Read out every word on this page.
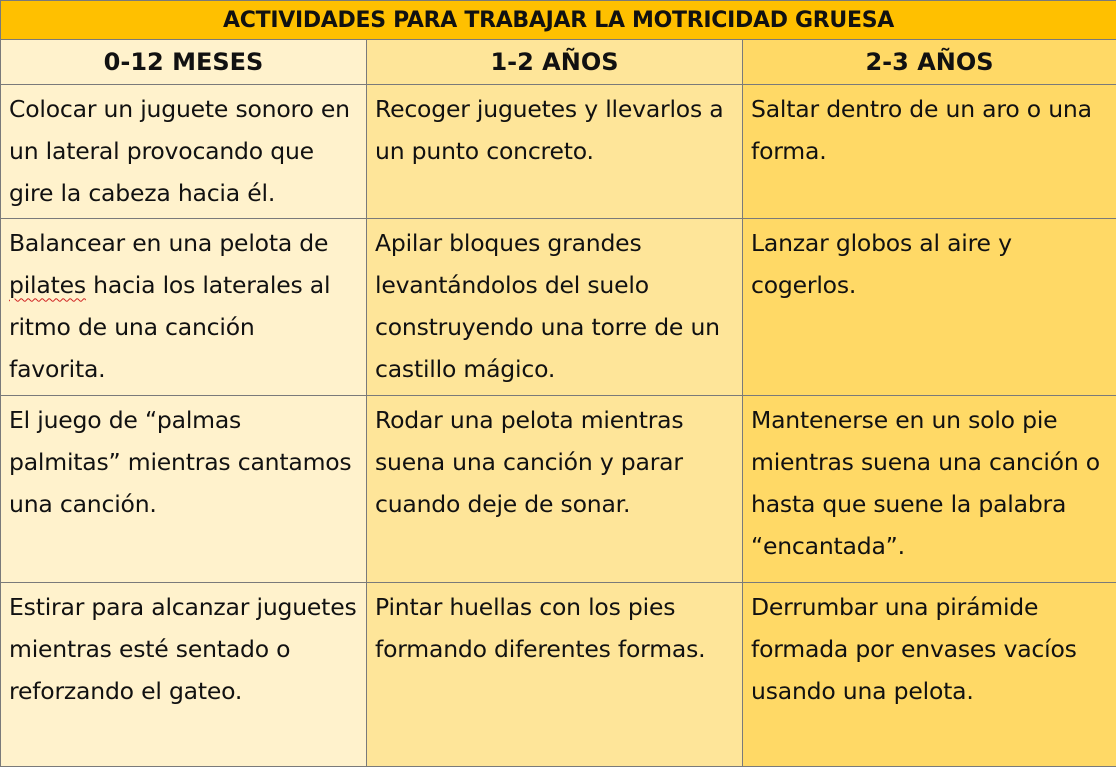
ACTIVIDADES PARA TRABAJAR LA MOTRICIDAD GRUESA		
0-12 MESES	1-2 AÑOS	2-3 AÑOS
Colocar un juguete sonoro en un lateral provocando que gire la cabeza hacia él.	Recoger juguetes y llevarlos a un punto concreto.	Saltar dentro de un aro o una forma.
Balancear en una pelota de pilates hacia los laterales al ritmo de una canción favorita.	Apilar bloques grandes levantándolos del suelo construyendo una torre de un castillo mágico.	Lanzar globos al aire y cogerlos.
El juego de “palmas palmitas” mientras cantamos una canción.	Rodar una pelota mientras suena una canción y parar cuando deje de sonar.	Mantenerse en un solo pie mientras suena una canción o hasta que suene la palabra “encantada”.
Estirar para alcanzar juguetes mientras esté sentado o reforzando el gateo.	Pintar huellas con los pies formando diferentes formas.	Derrumbar una pirámide formada por envases vacíos usando una pelota.
